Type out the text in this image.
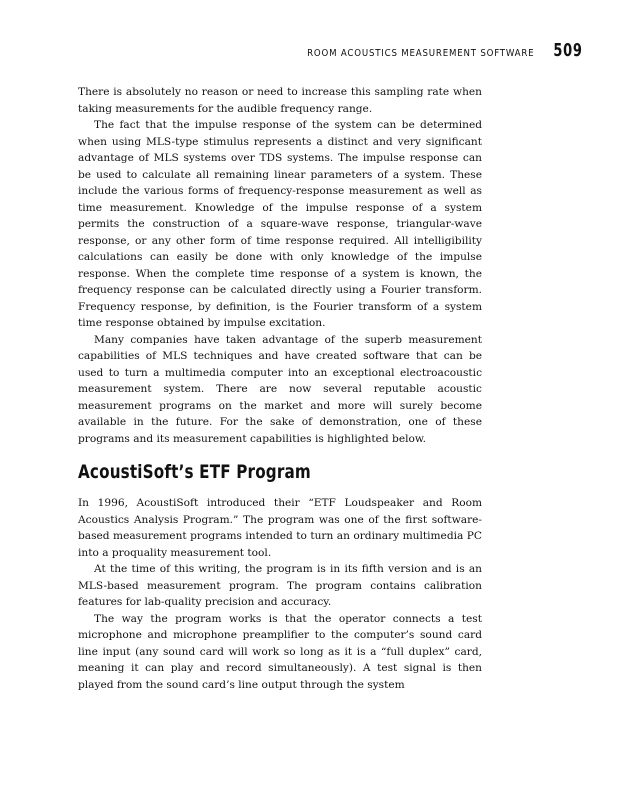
ROOM ACOUSTICS MEASUREMENT SOFTWARE 509

There is absolutely no reason or need to increase this sampling rate when taking measurements for the audible frequency range.

The fact that the impulse response of the system can be determined when using MLS-type stimulus represents a distinct and very significant advantage of MLS systems over TDS systems. The impulse response can be used to calculate all remaining linear parameters of a system. These include the various forms of frequency-response measurement as well as time measurement. Knowledge of the impulse response of a system permits the construction of a square-wave response, triangular-wave response, or any other form of time response required. All intelligibility calculations can easily be done with only knowledge of the impulse response. When the complete time response of a system is known, the frequency response can be calculated directly using a Fourier transform. Frequency response, by definition, is the Fourier transform of a system time response obtained by impulse excitation.

Many companies have taken advantage of the superb measurement capabilities of MLS techniques and have created software that can be used to turn a multimedia computer into an exceptional electroacoustic measurement system. There are now several reputable acoustic measurement programs on the market and more will surely become available in the future. For the sake of demonstration, one of these programs and its measurement capabilities is highlighted below.

AcoustiSoft’s ETF Program

In 1996, AcoustiSoft introduced their “ETF Loudspeaker and Room Acoustics Analysis Program.” The program was one of the first software-based measurement programs intended to turn an ordinary multimedia PC into a proquality measurement tool.

At the time of this writing, the program is in its fifth version and is an MLS-based measurement program. The program contains calibration features for lab-quality precision and accuracy.

The way the program works is that the operator connects a test microphone and microphone preamplifier to the computer’s sound card line input (any sound card will work so long as it is a “full duplex” card, meaning it can play and record simultaneously). A test signal is then played from the sound card’s line output through the system
